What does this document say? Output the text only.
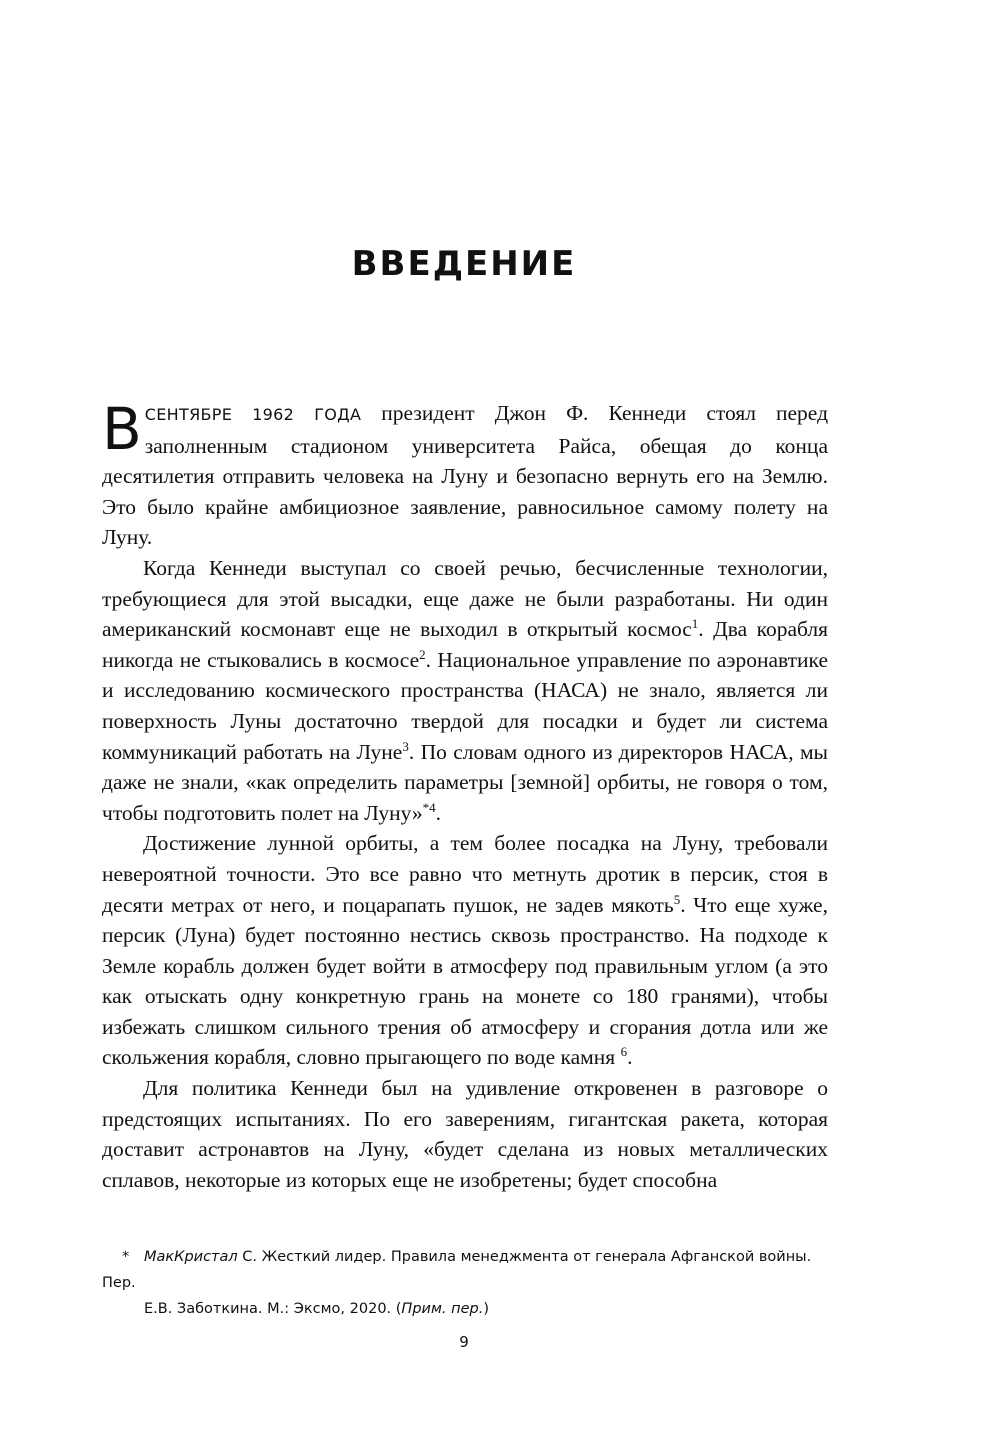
ВВЕДЕНИЕ

ВСЕНТЯБРЕ 1962 ГОДА президент Джон Ф. Кеннеди стоял перед заполненным стадионом университета Райса, обещая до конца десятилетия отправить человека на Луну и безопасно вернуть его на Землю. Это было крайне амбициозное заявление, равносильное самому полету на Луну.

Когда Кеннеди выступал со своей речью, бесчисленные технологии, требующиеся для этой высадки, еще даже не были разработаны. Ни один американский космонавт еще не выходил в открытый космос$^1$. Два корабля никогда не стыковались в космосе$^2$. Национальное управление по аэронавтике и исследованию космического пространства (НАСА) не знало, является ли поверхность Луны достаточно твердой для посадки и будет ли система коммуникаций работать на Луне$^3$. По словам одного из директоров НАСА, мы даже не знали, «как определить параметры [земной] орбиты, не говоря о том, чтобы подготовить полет на Луну»$^{*4}$.

Достижение лунной орбиты, а тем более посадка на Луну, требовали невероятной точности. Это все равно что метнуть дротик в персик, стоя в десяти метрах от него, и поцарапать пушок, не задев мякоть$^5$. Что еще хуже, персик (Луна) будет постоянно нестись сквозь пространство. На подходе к Земле корабль должен будет войти в атмосферу под правильным углом (а это как отыскать одну конкретную грань на монете со 180 гранями), чтобы избежать слишком сильного трения об атмосферу и сгорания дотла или же скольжения корабля, словно прыгающего по воде камня $^6$.

Для политика Кеннеди был на удивление откровенен в разговоре о предстоящих испытаниях. По его заверениям, гигантская ракета, которая доставит астронавтов на Луну, «будет сделана из новых металлических сплавов, некоторые из которых еще не изобретены; будет способна

* МакКристал С. Жесткий лидер. Правила менеджмента от генерала Афганской войны. Пер.
Е.В. Заботкина. М.: Эксмо, 2020. (Прим. пер.)
9
